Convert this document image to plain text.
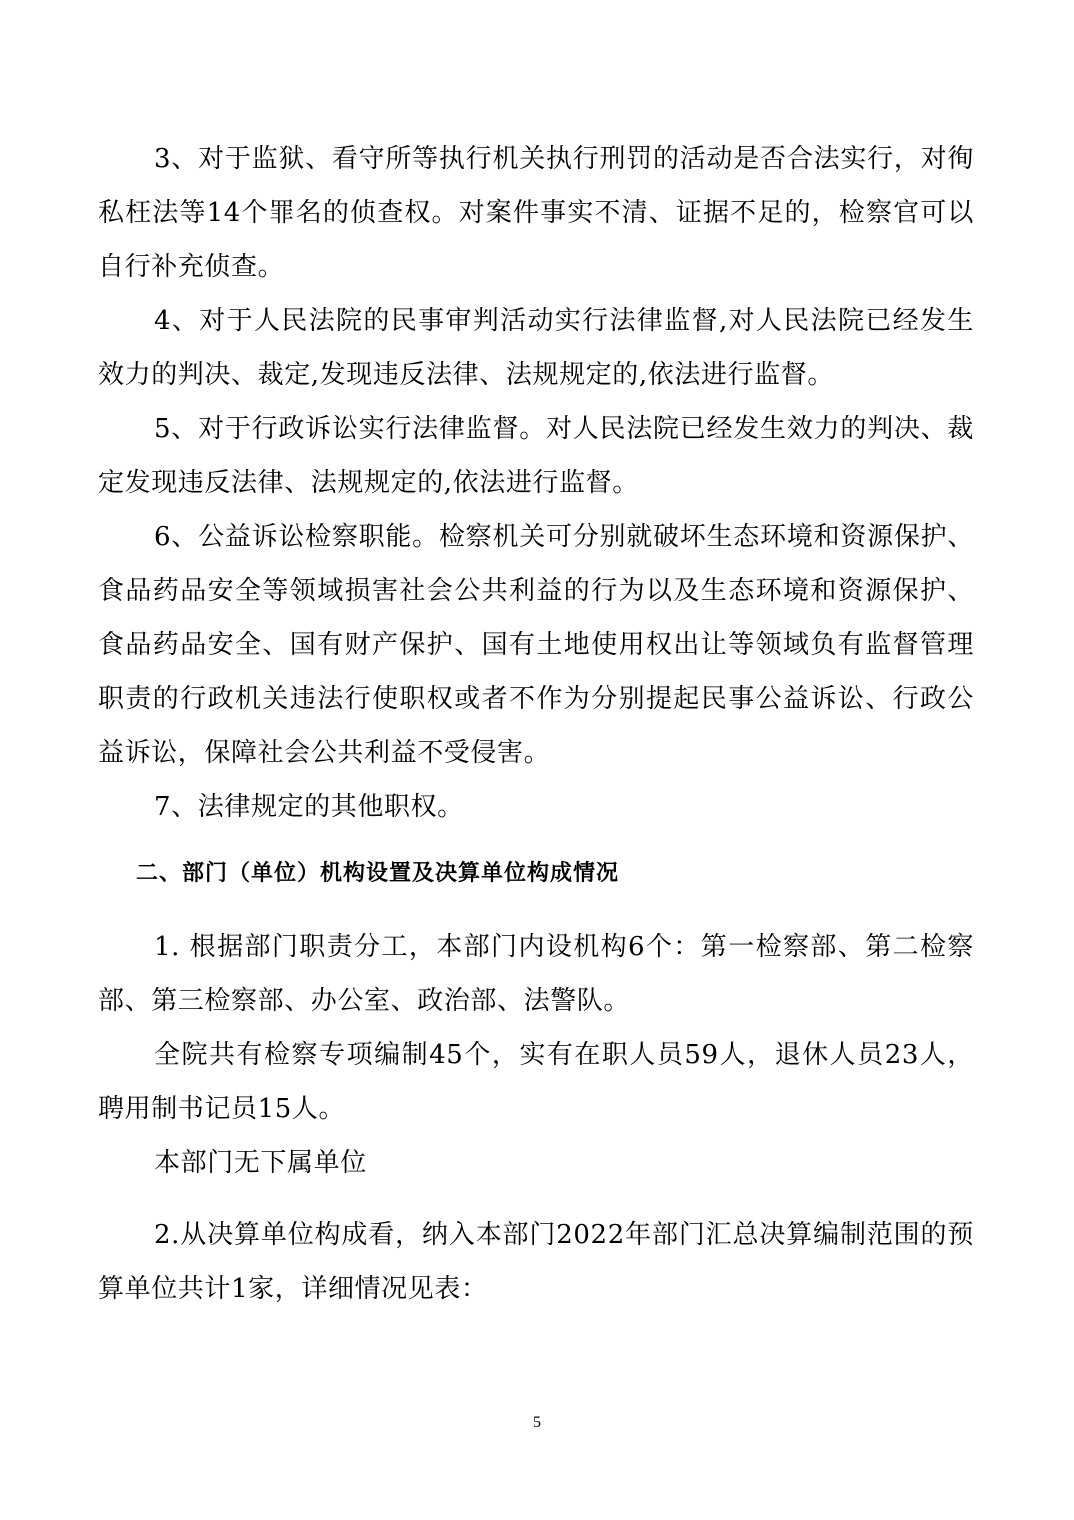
3、对于监狱、看守所等执行机关执行刑罚的活动是否合法实行，对徇私枉法等14个罪名的侦查权。对案件事实不清、证据不足的，检察官可以自行补充侦查。

4、对于人民法院的民事审判活动实行法律监督,对人民法院已经发生效力的判决、裁定,发现违反法律、法规规定的,依法进行监督。

5、对于行政诉讼实行法律监督。对人民法院已经发生效力的判决、裁定发现违反法律、法规规定的,依法进行监督。

6、公益诉讼检察职能。检察机关可分别就破坏生态环境和资源保护、食品药品安全等领域损害社会公共利益的行为以及生态环境和资源保护、食品药品安全、国有财产保护、国有土地使用权出让等领域负有监督管理职责的行政机关违法行使职权或者不作为分别提起民事公益诉讼、行政公益诉讼，保障社会公共利益不受侵害。

7、法律规定的其他职权。

二、部门（单位）机构设置及决算单位构成情况

1. 根据部门职责分工，本部门内设机构6个：第一检察部、第二检察部、第三检察部、办公室、政治部、法警队。

全院共有检察专项编制45个，实有在职人员59人，退休人员23人，聘用制书记员15人。

本部门无下属单位

2.从决算单位构成看，纳入本部门2022年部门汇总决算编制范围的预算单位共计1家，详细情况见表：

5
